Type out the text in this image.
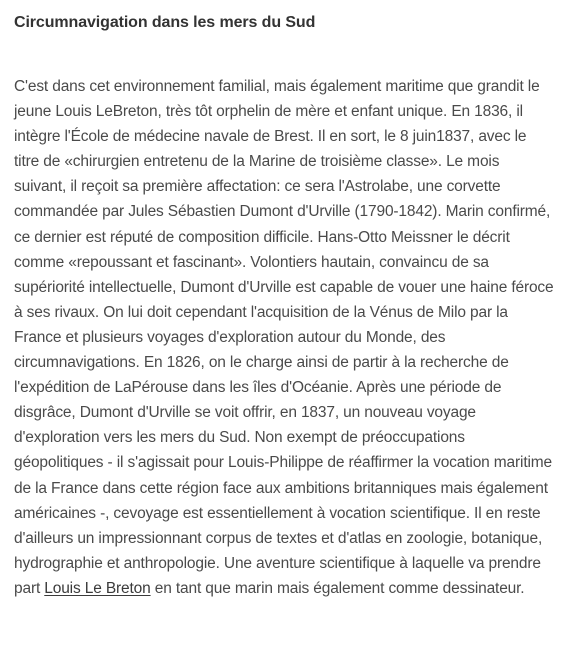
Circumnavigation dans les mers du Sud

C'est dans cet environnement familial, mais également maritime que grandit le jeune Louis LeBreton, très tôt orphelin de mère et enfant unique. En 1836, il intègre l'École de médecine navale de Brest. Il en sort, le 8 juin1837, avec le titre de «chirurgien entretenu de la Marine de troisième classe». Le mois suivant, il reçoit sa première affectation: ce sera l'Astrolabe, une corvette commandée par Jules Sébastien Dumont d'Urville (1790-1842). Marin confirmé, ce dernier est réputé de composition difficile. Hans-Otto Meissner le décrit comme «repoussant et fascinant». Volontiers hautain, convaincu de sa supériorité intellectuelle, Dumont d'Urville est capable de vouer une haine féroce à ses rivaux. On lui doit cependant l'acquisition de la Vénus de Milo par la France et plusieurs voyages d'exploration autour du Monde, des circumnavigations. En 1826, on le charge ainsi de partir à la recherche de l'expédition de LaPérouse dans les îles d'Océanie. Après une période de disgrâce, Dumont d'Urville se voit offrir, en 1837, un nouveau voyage d'exploration vers les mers du Sud. Non exempt de préoccupations géopolitiques - il s'agissait pour Louis-Philippe de réaffirmer la vocation maritime de la France dans cette région face aux ambitions britanniques mais également américaines -, cevoyage est essentiellement à vocation scientifique. Il en reste d'ailleurs un impressionnant corpus de textes et d'atlas en zoologie, botanique, hydrographie et anthropologie. Une aventure scientifique à laquelle va prendre part Louis Le Breton en tant que marin mais également comme dessinateur.
